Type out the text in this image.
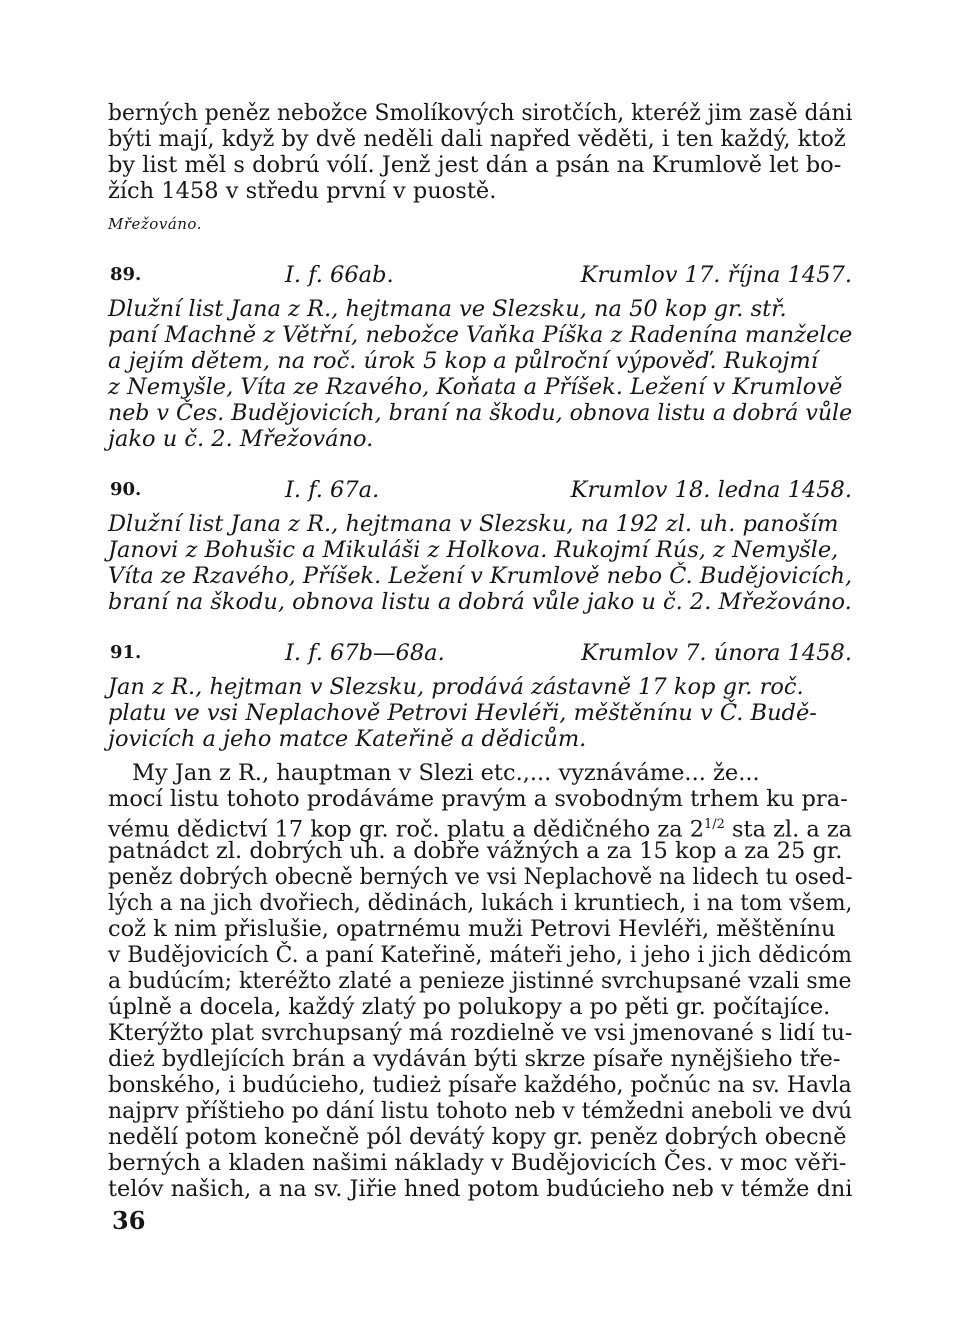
berných peněz nebožce Smolíkových sirotčích, kteréž jim zasě dáni
býti mají, když by dvě neděli dali napřed věděti, i ten každý, ktož
by list měl s dobrú vólí. Jenž jest dán a psán na Krumlově let bo-
žích 1458 v středu první v puostě.
Mřežováno.
89.	I. f. 66ab.	Krumlov 17. října 1457.
Dlužní list Jana z R., hejtmana ve Slezsku, na 50 kop gr. stř.
paní Machně z Větřní, nebožce Vaňka Píška z Radenína manželce
a jejím dětem, na roč. úrok 5 kop a půlroční výpověď. Rukojmí
z Nemyšle, Víta ze Rzavého, Koňata a Příšek. Ležení v Krumlově
neb v Čes. Budějovicích, braní na škodu, obnova listu a dobrá vůle
jako u č. 2. Mřežováno.
90.	I. f. 67a.	Krumlov 18. ledna 1458.
Dlužní list Jana z R., hejtmana v Slezsku, na 192 zl. uh. panoším
Janovi z Bohušic a Mikuláši z Holkova. Rukojmí Rús, z Nemyšle,
Víta ze Rzavého, Příšek. Ležení v Krumlově nebo Č. Budějovicích,
braní na škodu, obnova listu a dobrá vůle jako u č. 2. Mřežováno.
91.	I. f. 67b—68a.	Krumlov 7. února 1458.
Jan z R., hejtman v Slezsku, prodává zástavně 17 kop gr. roč.
platu ve vsi Neplachově Petrovi Hevléři, měštěnínu v Č. Budě-
jovicích a jeho matce Kateřině a dědicům.
My Jan z R., hauptman v Slezi etc.,... vyznáváme... že...
mocí listu tohoto prodáváme pravým a svobodným trhem ku pra-
vému dědictví 17 kop gr. roč. platu a dědičného za $2^{1/2}$ sta zl. a za
patnádct zl. dobrých uh. a dobře vážných a za 15 kop a za 25 gr.
peněz dobrých obecně berných ve vsi Neplachově na lidech tu osed-
lých a na jich dvořiech, dědinách, lukách i kruntiech, i na tom všem,
což k nim přislušie, opatrnému muži Petrovi Hevléři, měštěnínu
v Budějovicích Č. a paní Kateřině, máteři jeho, i jeho i jich dědicóm
a budúcím; kteréžto zlaté a penieze jistinné svrchupsané vzali sme
úplně a docela, každý zlatý po polukopy a po pěti gr. počítajíce.
Kterýžto plat svrchupsaný má rozdielně ve vsi jmenované s lidí tu-
dież bydlejících brán a vydáván býti skrze písaře nynějšieho tře-
bonského, i budúcieho, tudież písaře každého, počnúc na sv. Havla
najprv příštieho po dání listu tohoto neb v témžedni aneboli ve dvú
nedělí potom konečně pól devátý kopy gr. peněz dobrých obecně
berných a kladen našimi náklady v Budějovicích Čes. v moc věři-
telóv našich, a na sv. Jiřie hned potom budúcieho neb v témže dni
36
